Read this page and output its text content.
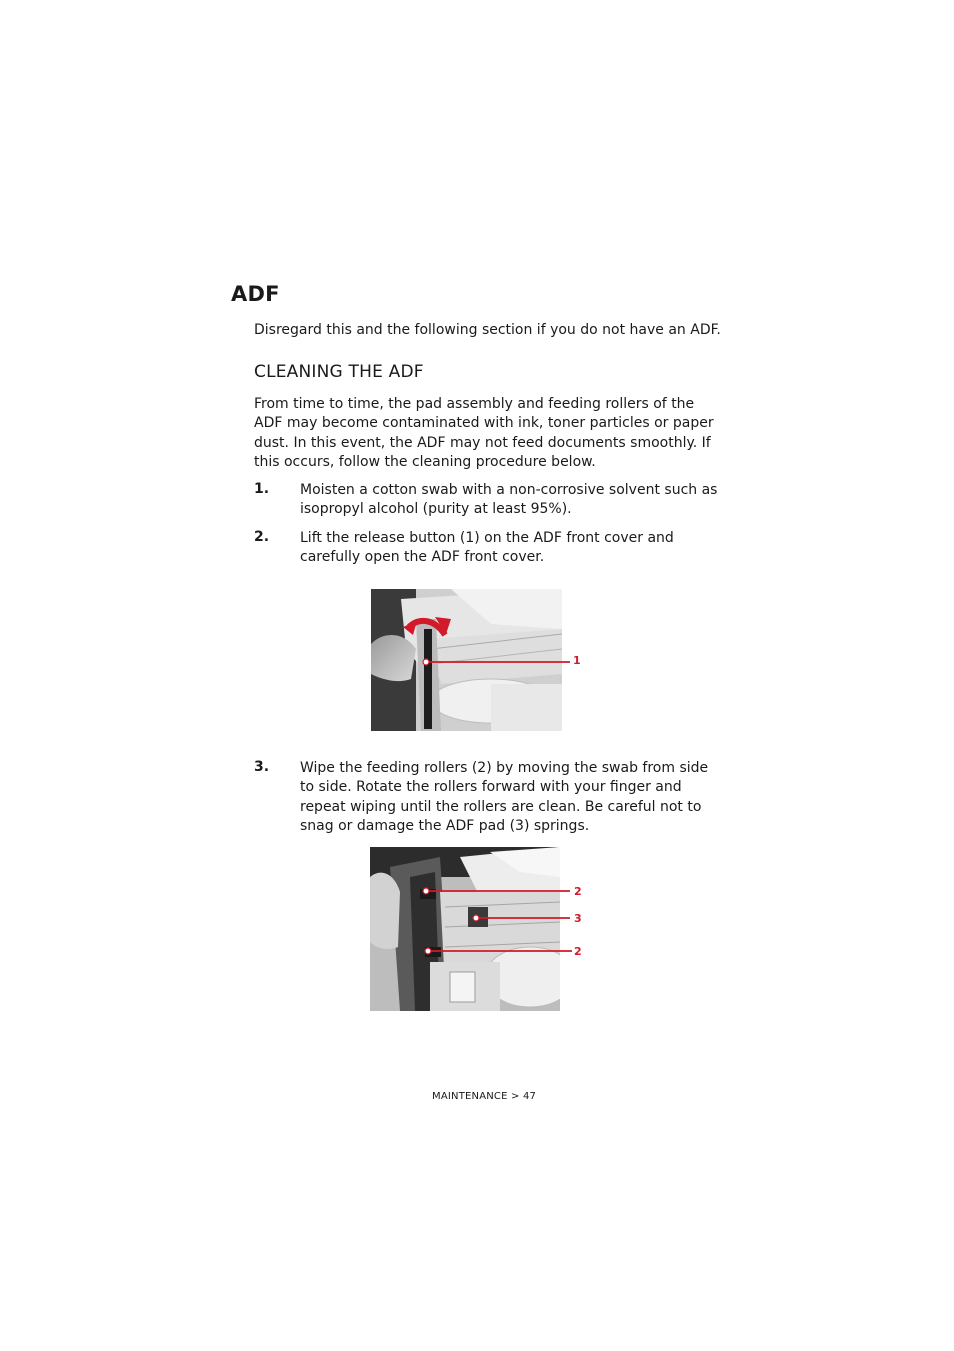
ADF
Disregard this and the following section if you do not have an ADF.
CLEANING THE ADF
From time to time, the pad assembly and feeding rollers of the ADF may become contaminated with ink, toner particles or paper dust. In this event, the ADF may not feed documents smoothly. If this occurs, follow the cleaning procedure below.
1. Moisten a cotton swab with a non-corrosive solvent such as isopropyl alcohol (purity at least 95%).
2. Lift the release button (1) on the ADF front cover and carefully open the ADF front cover.
1
3. Wipe the feeding rollers (2) by moving the swab from side to side. Rotate the rollers forward with your finger and repeat wiping until the rollers are clean. Be careful not to snag or damage the ADF pad (3) springs.
2
3
2
MAINTENANCE > 47
